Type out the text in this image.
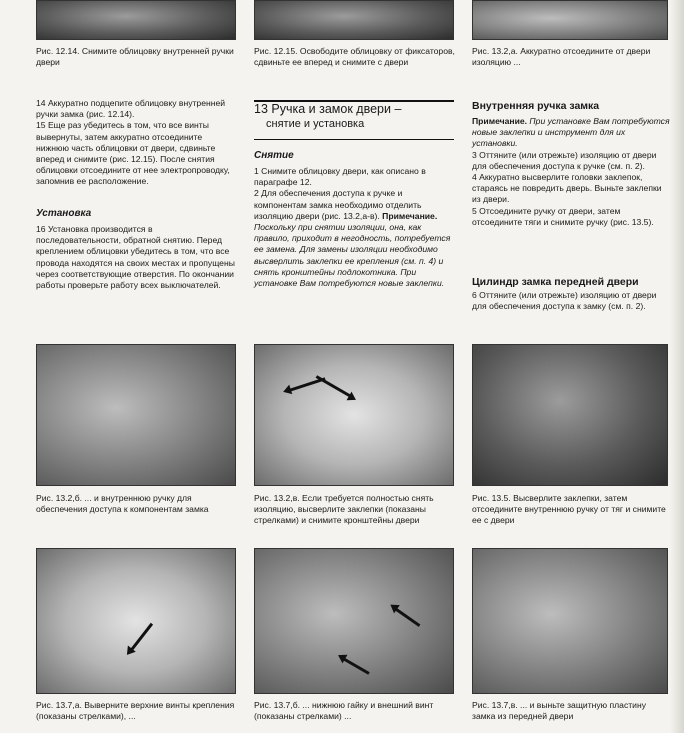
Рис. 12.14. Снимите облицовку внутренней ручки двери
Рис. 12.15. Освободите облицовку от фиксаторов, сдвиньте ее вперед и снимите с двери
Рис. 13.2,а. Аккуратно отсоедините от двери изоляцию ...

14 Аккуратно подцепите облицовку внутренней ручки замка (рис. 12.14).

15 Еще раз убедитесь в том, что все винты вывернуты, затем аккуратно отсоедините нижнюю часть облицовки от двери, сдвиньте вперед и снимите (рис. 12.15). После снятия облицовки отсоедините от нее электропроводку, запомнив ее расположение.

Установка
16 Установка производится в последовательности, обратной снятию. Перед креплением облицовки убедитесь в том, что все провода находятся на своих местах и пропущены через соответствующие отверстия. По окончании работы проверьте работу всех выключателей.
13 Ручка и замок двери –
снятие и установка
Снятие

1 Снимите облицовку двери, как описано в параграфе 12.

2 Для обеспечения доступа к ручке и компонентам замка необходимо отделить изоляцию двери (рис. 13.2,а-в). Примечание. Поскольку при снятии изоляции, она, как правило, приходит в негодность, потребуется ее замена. Для замены изоляции необходимо высверлить заклепки ее крепления (см. п. 4) и снять кронштейны подлокотника. При установке Вам потребуются новые заклепки.

Внутренняя ручка замка

Примечание. При установке Вам потребуются новые заклепки и инструмент для их установки.

3 Оттяните (или отрежьте) изоляцию от двери для обеспечения доступа к ручке (см. п. 2).

4 Аккуратно высверлите головки заклепок, стараясь не повредить дверь. Выньте заклепки из двери.

5 Отсоедините ручку от двери, затем отсоедините тяги и снимите ручку (рис. 13.5).

Цилиндр замка передней двери
6 Оттяните (или отрежьте) изоляцию от двери для обеспечения доступа к замку (см. п. 2).
Рис. 13.2,б. ... и внутреннюю ручку для обеспечения доступа к компонентам замка
Рис. 13.2,в. Если требуется полностью снять изоляцию, высверлите заклепки (показаны стрелками) и снимите кронштейны двери
Рис. 13.5. Высверлите заклепки, затем отсоедините внутреннюю ручку от тяг и снимите ее с двери
Рис. 13.7,а. Выверните верхние винты крепления (показаны стрелками), ...
Рис. 13.7,б. ... нижнюю гайку и внешний винт (показаны стрелками) ...
Рис. 13.7,в. ... и выньте защитную пластину замка из передней двери
